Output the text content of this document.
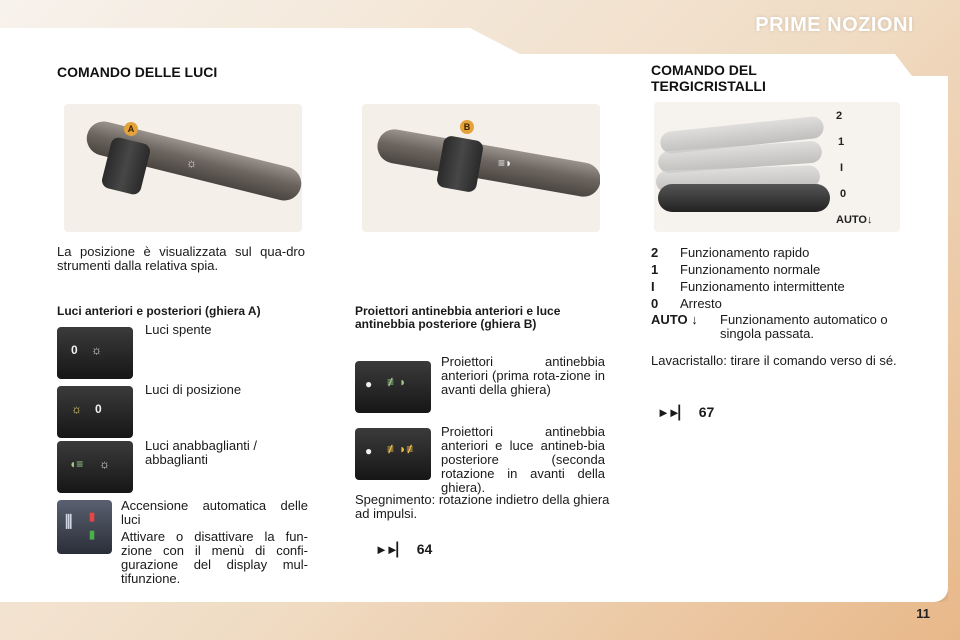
PRIME NOZIONI
COMANDO DELLE LUCI
A
☼
La posizione è visualizzata sul qua-dro strumenti dalla relativa spia.
Luci anteriori e posteriori (ghiera A)
0 ☼
Luci spente
☼ 0
Luci di posizione
◖≡ ☼
Luci anabbaglianti / abbaglianti
⫼ ▮
▮
Accensione automatica delle luci
Attivare o disattivare la fun-zione con il menù di confi-gurazione del display mul-tifunzione.
B
≡◗
Proiettori antinebbia anteriori e luce antinebbia posteriore (ghiera B)
● ≢◗
Proiettori antinebbia anteriori (prima rota-zione in avanti della ghiera)
● ≢◗≢
Proiettori antinebbia anteriori e luce antineb-bia posteriore (seconda rotazione in avanti della ghiera).
Spegnimento: rotazione indietro della ghiera ad impulsi.
►►▏ 64
COMANDO DEL
TERGICRISTALLI
2
1
I
0
AUTO↓
2 Funzionamento rapido
1 Funzionamento normale
I Funzionamento intermittente
0 Arresto
AUTO ↓ Funzionamento automatico o singola passata.
Lavacristallo: tirare il comando verso di sé.
►►▏ 67
11
